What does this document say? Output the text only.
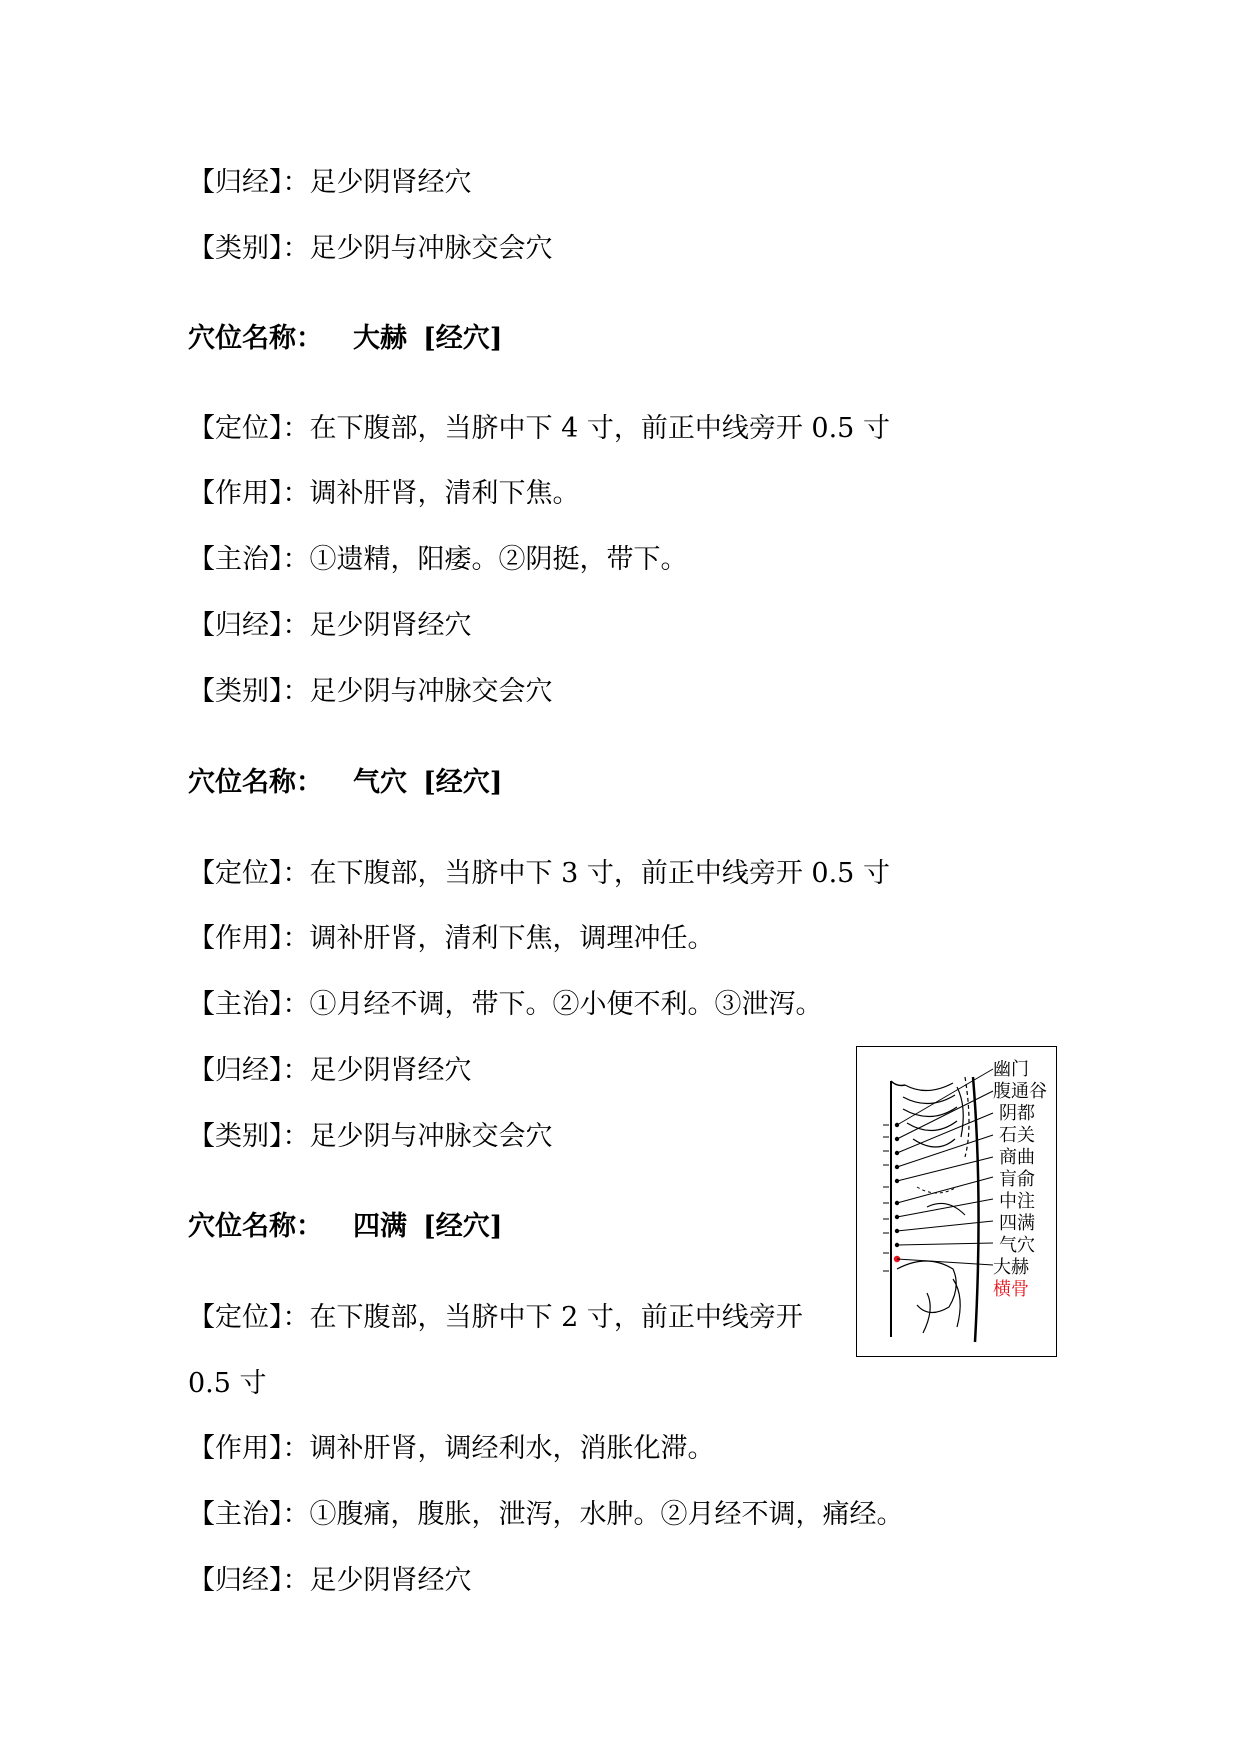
【归经】：足少阴肾经穴
【类别】：足少阴与冲脉交会穴
穴位名称： 大赫 [经穴]
【定位】：在下腹部，当脐中下 4 寸，前正中线旁开 0.5 寸
【作用】：调补肝肾，清利下焦。
【主治】：①遗精，阳痿。②阴挺，带下。
【归经】：足少阴肾经穴
【类别】：足少阴与冲脉交会穴
穴位名称： 气穴 [经穴]
【定位】：在下腹部，当脐中下 3 寸，前正中线旁开 0.5 寸
【作用】：调补肝肾，清利下焦，调理冲任。
【主治】：①月经不调，带下。②小便不利。③泄泻。
【归经】：足少阴肾经穴
【类别】：足少阴与冲脉交会穴
穴位名称： 四满 [经穴]
【定位】：在下腹部，当脐中下 2 寸，前正中线旁开
0.5 寸
【作用】：调补肝肾，调经利水，消胀化滞。
【主治】：①腹痛，腹胀，泄泻，水肿。②月经不调，痛经。
【归经】：足少阴肾经穴
幽门
腹通谷
阴都
石关
商曲
肓俞
中注
四满
气穴
大赫
横骨
